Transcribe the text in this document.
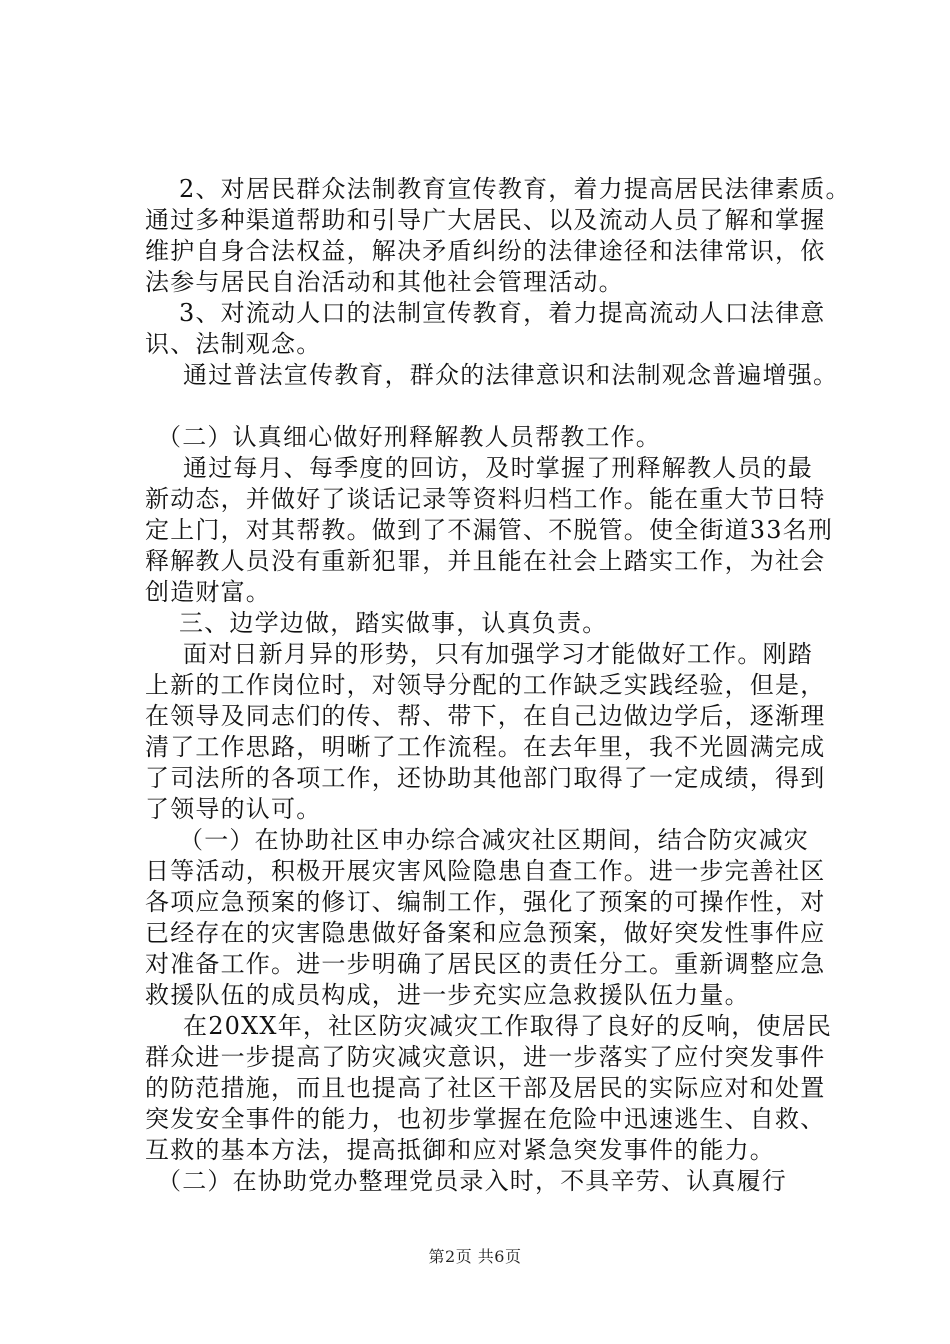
2、对居民群众法制教育宣传教育，着力提高居民法律素质。
通过多种渠道帮助和引导广大居民、以及流动人员了解和掌握
维护自身合法权益，解决矛盾纠纷的法律途径和法律常识，依
法参与居民自治活动和其他社会管理活动。
3、对流动人口的法制宣传教育，着力提高流动人口法律意
识、法制观念。
通过普法宣传教育，群众的法律意识和法制观念普遍增强。
（二）认真细心做好刑释解教人员帮教工作。
通过每月、每季度的回访，及时掌握了刑释解教人员的最
新动态，并做好了谈话记录等资料归档工作。能在重大节日特
定上门，对其帮教。做到了不漏管、不脱管。使全街道33名刑
释解教人员没有重新犯罪，并且能在社会上踏实工作，为社会
创造财富。
三、边学边做，踏实做事，认真负责。
面对日新月异的形势，只有加强学习才能做好工作。刚踏
上新的工作岗位时，对领导分配的工作缺乏实践经验，但是，
在领导及同志们的传、帮、带下，在自己边做边学后，逐渐理
清了工作思路，明晰了工作流程。在去年里，我不光圆满完成
了司法所的各项工作，还协助其他部门取得了一定成绩，得到
了领导的认可。
（一）在协助社区申办综合减灾社区期间，结合防灾减灾
日等活动，积极开展灾害风险隐患自查工作。进一步完善社区
各项应急预案的修订、编制工作，强化了预案的可操作性，对
已经存在的灾害隐患做好备案和应急预案，做好突发性事件应
对准备工作。进一步明确了居民区的责任分工。重新调整应急
救援队伍的成员构成，进一步充实应急救援队伍力量。
在20XX年，社区防灾减灾工作取得了良好的反响，使居民
群众进一步提高了防灾减灾意识，进一步落实了应付突发事件
的防范措施，而且也提高了社区干部及居民的实际应对和处置
突发安全事件的能力，也初步掌握在危险中迅速逃生、自救、
互救的基本方法，提高抵御和应对紧急突发事件的能力。
（二）在协助党办整理党员录入时，不具辛劳、认真履行
第2页 共6页
